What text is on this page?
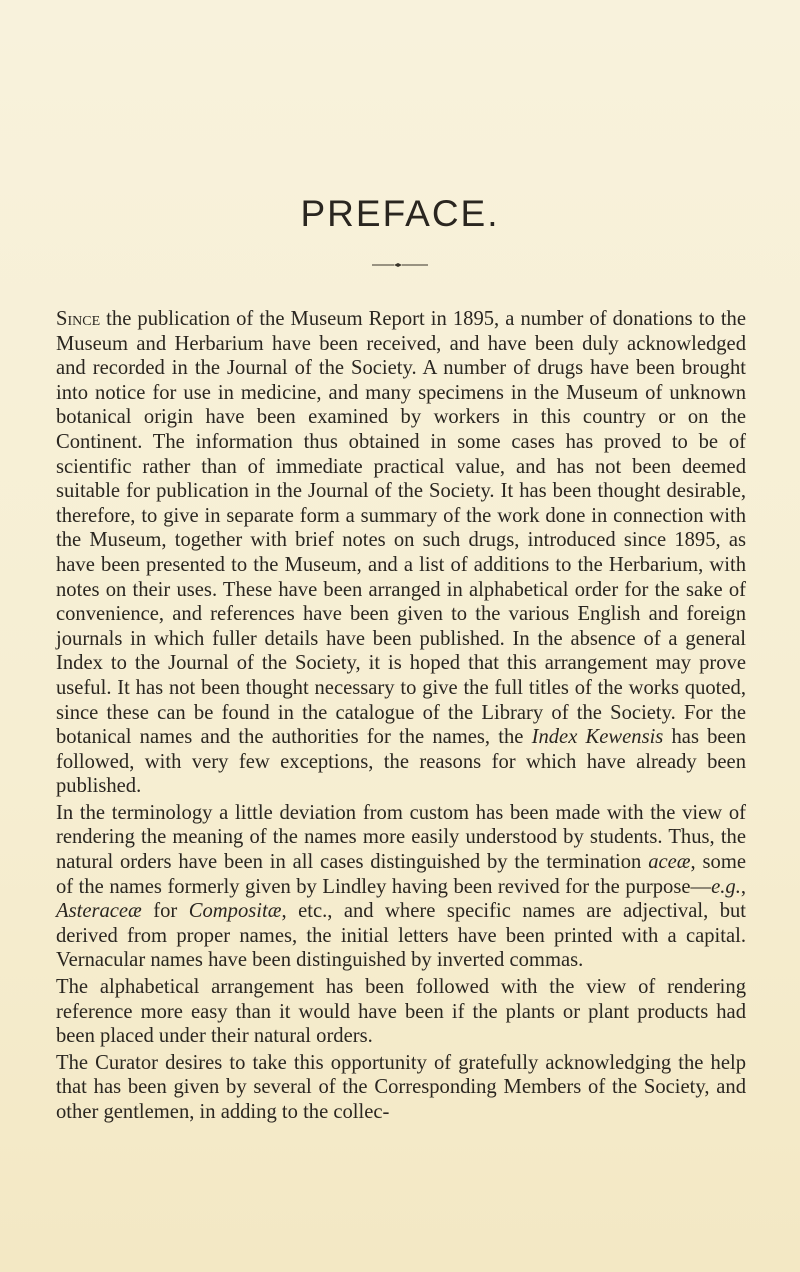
PREFACE.

Since the publication of the Museum Report in 1895, a number of donations to the Museum and Herbarium have been received, and have been duly acknowledged and recorded in the Journal of the Society. A number of drugs have been brought into notice for use in medicine, and many specimens in the Museum of unknown botanical origin have been examined by workers in this country or on the Continent. The information thus obtained in some cases has proved to be of scientific rather than of immediate practical value, and has not been deemed suitable for publication in the Journal of the Society. It has been thought desirable, therefore, to give in separate form a summary of the work done in connection with the Museum, together with brief notes on such drugs, introduced since 1895, as have been presented to the Museum, and a list of additions to the Herbarium, with notes on their uses. These have been arranged in alphabetical order for the sake of convenience, and references have been given to the various English and foreign journals in which fuller details have been published. In the absence of a general Index to the Journal of the Society, it is hoped that this arrangement may prove useful. It has not been thought necessary to give the full titles of the works quoted, since these can be found in the catalogue of the Library of the Society. For the botanical names and the authorities for the names, the Index Kewensis has been followed, with very few exceptions, the reasons for which have already been published.

In the terminology a little deviation from custom has been made with the view of rendering the meaning of the names more easily understood by students. Thus, the natural orders have been in all cases distinguished by the termination aceæ, some of the names formerly given by Lindley having been revived for the purpose—e.g., Asteraceæ for Compositæ, etc., and where specific names are adjectival, but derived from proper names, the initial letters have been printed with a capital. Vernacular names have been distinguished by inverted commas.

The alphabetical arrangement has been followed with the view of rendering reference more easy than it would have been if the plants or plant products had been placed under their natural orders.

The Curator desires to take this opportunity of gratefully acknowledging the help that has been given by several of the Corresponding Members of the Society, and other gentlemen, in adding to the collec-
